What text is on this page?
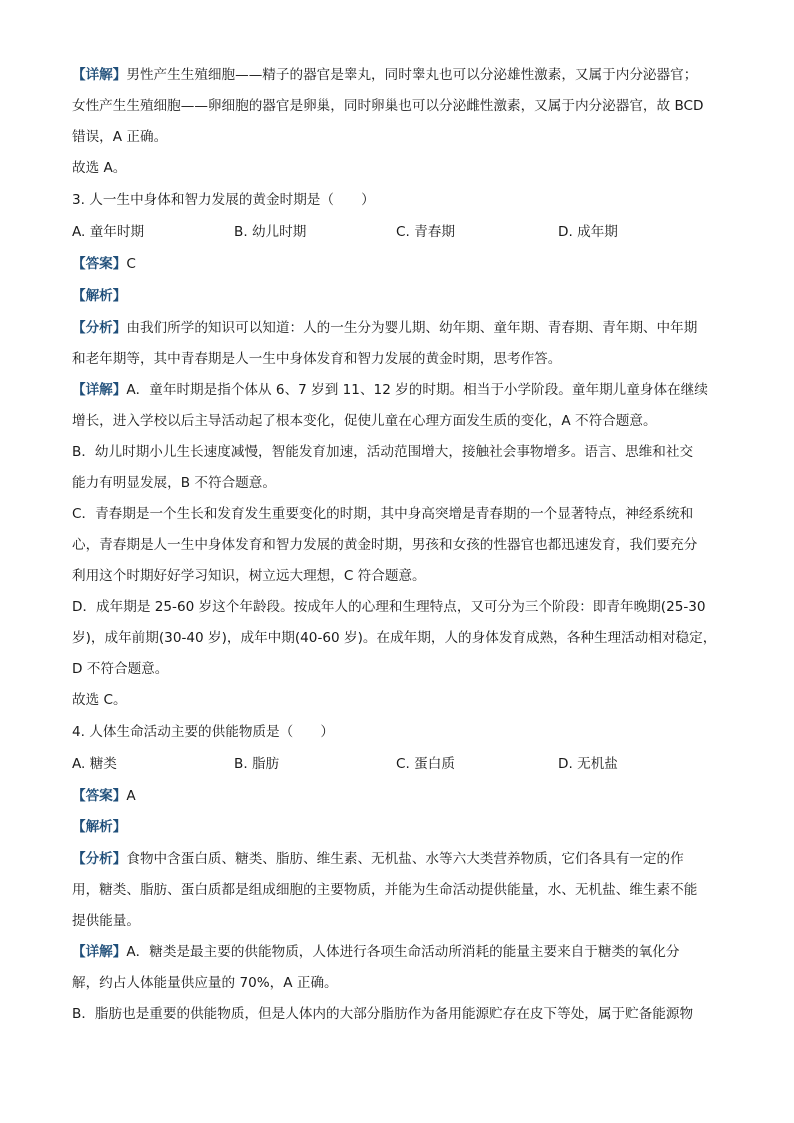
【详解】男性产生生殖细胞——精子的器官是睾丸，同时睾丸也可以分泌雄性激素，又属于内分泌器官；
女性产生生殖细胞——卵细胞的器官是卵巢，同时卵巢也可以分泌雌性激素，又属于内分泌器官，故 BCD
错误，A 正确。
故选 A。
3. 人一生中身体和智力发展的黄金时期是（　　）
A. 童年时期	B. 幼儿时期	C. 青春期	D. 成年期
【答案】C
【解析】
【分析】由我们所学的知识可以知道：人的一生分为婴儿期、幼年期、童年期、青春期、青年期、中年期
和老年期等，其中青春期是人一生中身体发育和智力发展的黄金时期，思考作答。
【详解】A．童年时期是指个体从 6、7 岁到 11、12 岁的时期。相当于小学阶段。童年期儿童身体在继续
增长，进入学校以后主导活动起了根本变化，促使儿童在心理方面发生质的变化，A 不符合题意。
B．幼儿时期小儿生长速度减慢，智能发育加速，活动范围增大，接触社会事物增多。语言、思维和社交
能力有明显发展，B 不符合题意。
C．青春期是一个生长和发育发生重要变化的时期，其中身高突增是青春期的一个显著特点，神经系统和
心，青春期是人一生中身体发育和智力发展的黄金时期，男孩和女孩的性器官也都迅速发育，我们要充分
利用这个时期好好学习知识，树立远大理想，C 符合题意。
D．成年期是 25-60 岁这个年龄段。按成年人的心理和生理特点，又可分为三个阶段：即青年晚期(25-30
岁)，成年前期(30-40 岁)，成年中期(40-60 岁)。在成年期，人的身体发育成熟，各种生理活动相对稳定，
D 不符合题意。
故选 C。
4. 人体生命活动主要的供能物质是（　　）
A. 糖类	B. 脂肪	C. 蛋白质	D. 无机盐
【答案】A
【解析】
【分析】食物中含蛋白质、糖类、脂肪、维生素、无机盐、水等六大类营养物质，它们各具有一定的作
用，糖类、脂肪、蛋白质都是组成细胞的主要物质，并能为生命活动提供能量，水、无机盐、维生素不能
提供能量。
【详解】A．糖类是最主要的供能物质，人体进行各项生命活动所消耗的能量主要来自于糖类的氧化分
解，约占人体能量供应量的 70%，A 正确。
B．脂肪也是重要的供能物质，但是人体内的大部分脂肪作为备用能源贮存在皮下等处，属于贮备能源物
